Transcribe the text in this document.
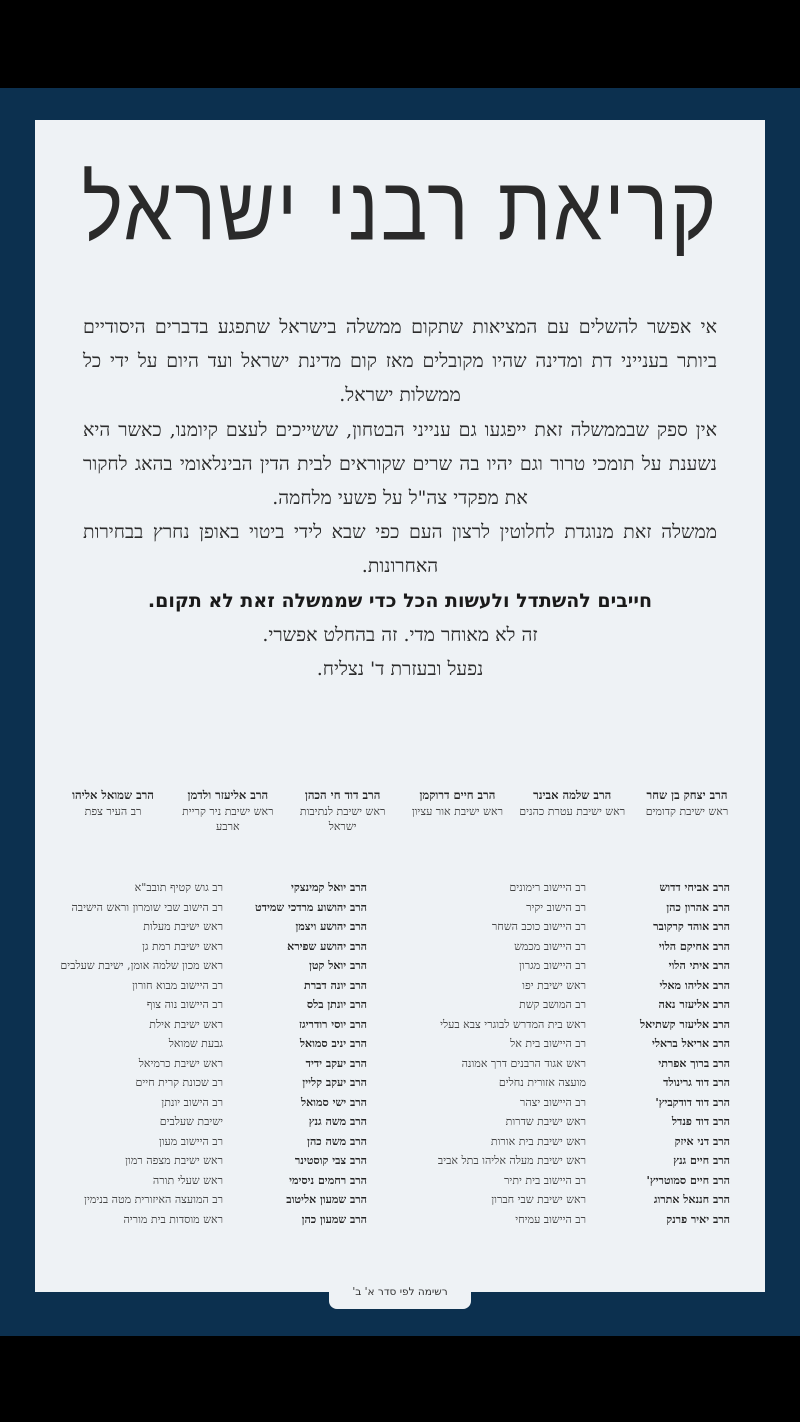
קריאת רבני ישראל

אי אפשר להשלים עם המציאות שתקום ממשלה בישראל שתפגע בדברים היסודיים ביותר בענייני דת ומדינה שהיו מקובלים מאז קום מדינת ישראל ועד היום על ידי כל ממשלות ישראל.

אין ספק שבממשלה זאת ייפגעו גם ענייני הבטחון, ששייכים לעצם קיומנו, כאשר היא נשענת על תומכי טרור וגם יהיו בה שרים שקוראים לבית הדין הבינלאומי בהאג לחקור את מפקדי צה"ל על פשעי מלחמה.

ממשלה זאת מנוגדת לחלוטין לרצון העם כפי שבא לידי ביטוי באופן נחרץ בבחירות האחרונות.

חייבים להשתדל ולעשות הכל כדי שממשלה זאת לא תקום.

זה לא מאוחר מדי. זה בהחלט אפשרי.

נפעל ובעזרת ד' נצליח.

הרב יצחק בן שחר
ראש ישיבת קדומים
הרב שלמה אבינר
ראש ישיבת עטרת כהנים
הרב חיים דרוקמן
ראש ישיבת אור עציון
הרב דוד חי הכהן
ראש ישיבת לנתיבות ישראל
הרב אליעזר ולדמן
ראש ישיבת ניר קריית ארבע
הרב שמואל אליהו
רב העיר צפת
הרב אביחי דדוש
הרב אהרון כהן
הרב אוהד קרקובר
הרב אחיקם הלוי
הרב איתי הלוי
הרב אליהו מאלי
הרב אליעזר נאה
הרב אליעזר קשתיאל
הרב אריאל בראלי
הרב ברוך אפרתי
הרב דוד גרינולד
הרב דוד דודקביץ'
הרב דוד פנדל
הרב דני איזק
הרב חיים גנץ
הרב חיים סמוטריץ'
הרב חננאל אתרוג
הרב יאיר פרנק
רב היישוב רימונים
רב הישוב יקיר
רב היישוב כוכב השחר
רב היישוב מכמש
רב היישוב מגרון
ראש ישיבת יפו
רב המושב קשת
ראש בית המדרש לבוגרי צבא בעלי
רב היישוב בית אל
ראש אגוד הרבנים דרך אמונה
מועצה אזורית נחלים
רב היישוב יצהר
ראש ישיבת שדרות
ראש ישיבת בית אורות
ראש ישיבת מעלה אליהו בתל אביב
רב היישוב בית יתיר
ראש ישיבת שבי חברון
רב היישוב עמיחי
הרב יואל קמינצקי
הרב יהושוע מרדכי שמידט
הרב יהושע ויצמן
הרב יהושע שפירא
הרב יואל קטן
הרב יונה דברת
הרב יונתן בלס
הרב יוסי רודריגז
הרב יניב סמואל
הרב יעקב ידיד
הרב יעקב קליין
הרב ישי סמואל
הרב משה גנץ
הרב משה כהן
הרב צבי קוסטינר
הרב רחמים ניסימי
הרב שמעון אליטוב
הרב שמעון כהן
רב גוש קטיף תובב"א
רב הישוב שבי שומרון וראש הישיבה
ראש ישיבת מעלות
ראש ישיבת רמת גן
ראש מכון שלמה אומן, ישיבת שעלבים
רב היישוב מבוא חורון
רב היישוב נוה צוף
ראש ישיבת אילת
גבעת שמואל
ראש ישיבת כרמיאל
רב שכונת קרית חיים
רב הישוב יונתן
ישיבת שעלבים
רב היישוב מעון
ראש ישיבת מצפה רמון
ראש שעלי תורה
רב המועצה האיזורית מטה בנימין
ראש מוסדות בית מוריה
רשימה לפי סדר א' ב'
